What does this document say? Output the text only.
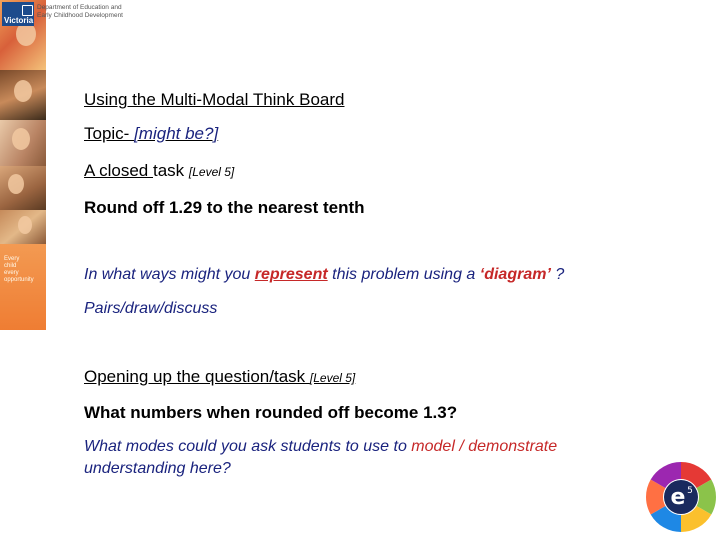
Every
child
every
opportunity
Victoria
Department of Education and
Early Childhood Development
Using the Multi-Modal Think Board
Topic- [might be?]
A closed task [Level 5]
Round off 1.29 to the nearest tenth
In what ways might you represent this problem using a ‘diagram’ ?
Pairs/draw/discuss
Opening up the question/task [Level 5]
What numbers when rounded off become 1.3?
What modes could you ask students to use to model / demonstrate understanding here?
e 5
